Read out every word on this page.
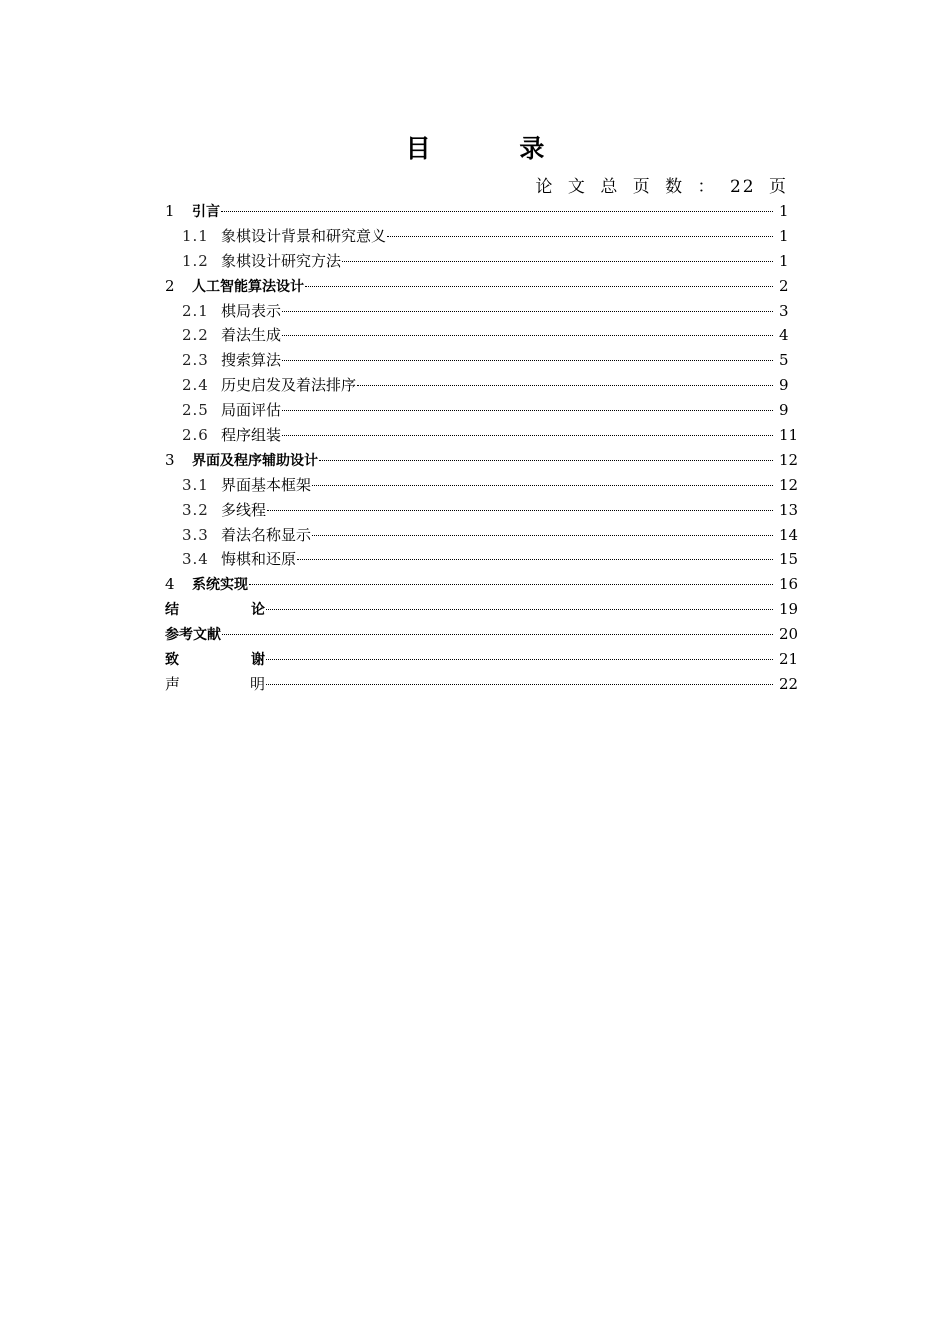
目 录
论 文 总 页 数 ： 22 页
1	引言	1
1.1 象棋设计背景和研究意义	1
1.2 象棋设计研究方法	1
2	人工智能算法设计	2
2.1 棋局表示	3
2.2 着法生成	4
2.3 搜索算法	5
2.4 历史启发及着法排序	9
2.5 局面评估	9
2.6 程序组装	11
3	界面及程序辅助设计	12
3.1 界面基本框架	12
3.2 多线程	13
3.3 着法名称显示	14
3.4 悔棋和还原	15
4	系统实现	16
结	论	19
参考文献	20
致	谢	21
声	明	22
